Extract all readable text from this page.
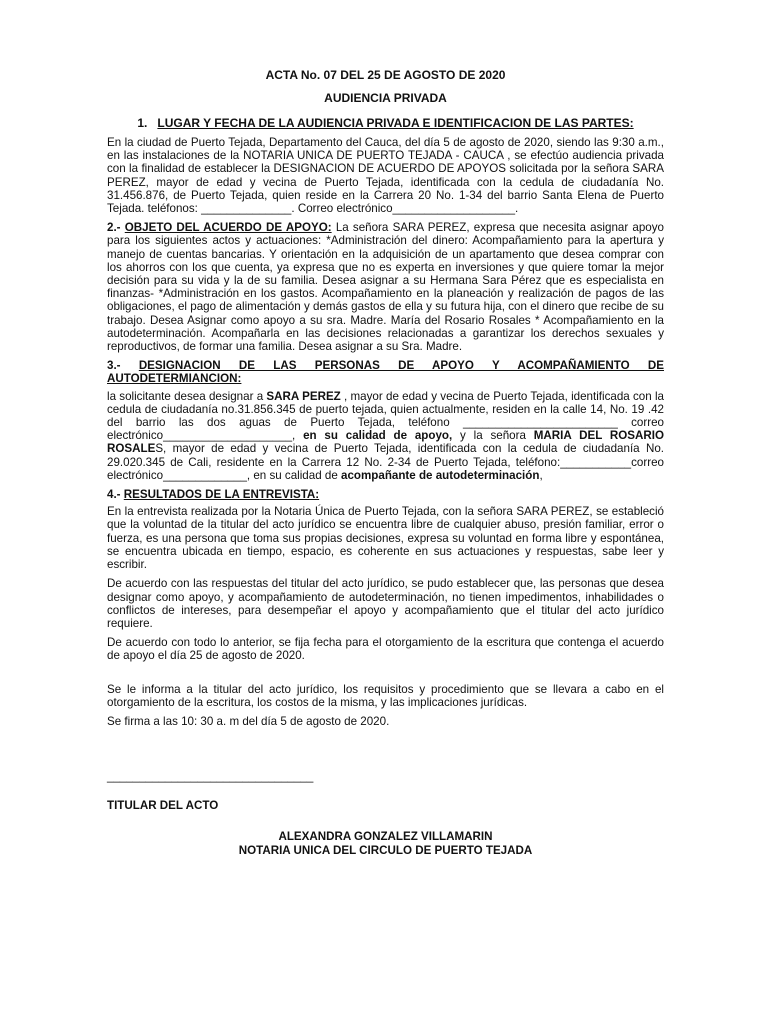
ACTA No. 07 DEL 25 DE AGOSTO DE 2020
AUDIENCIA PRIVADA
1. LUGAR Y FECHA DE LA AUDIENCIA PRIVADA E IDENTIFICACION DE LAS PARTES:
En la ciudad de Puerto Tejada, Departamento del Cauca, del día 5 de agosto de 2020, siendo las 9:30 a.m., en las instalaciones de la NOTARIA UNICA DE PUERTO TEJADA - CAUCA , se efectúo audiencia privada con la finalidad de establecer la DESIGNACION DE ACUERDO DE APOYOS solicitada por la señora SARA PEREZ, mayor de edad y vecina de Puerto Tejada, identificada con la cedula de ciudadanía No. 31.456.876, de Puerto Tejada, quien reside en la Carrera 20 No. 1-34 del barrio Santa Elena de Puerto Tejada. teléfonos: ______________. Correo electrónico___________________.
2.- OBJETO DEL ACUERDO DE APOYO: La señora SARA PEREZ, expresa que necesita asignar apoyo para los siguientes actos y actuaciones: *Administración del dinero: Acompañamiento para la apertura y manejo de cuentas bancarias. Y orientación en la adquisición de un apartamento que desea comprar con los ahorros con los que cuenta, ya expresa que no es experta en inversiones y que quiere tomar la mejor decisión para su vida y la de su familia. Desea asignar a su Hermana Sara Pérez que es especialista en finanzas- *Administración en los gastos. Acompañamiento en la planeación y realización de pagos de las obligaciones, el pago de alimentación y demás gastos de ella y su futura hija, con el dinero que recibe de su trabajo. Desea Asignar como apoyo a su sra. Madre. María del Rosario Rosales * Acompañamiento en la autodeterminación. Acompañarla en las decisiones relacionadas a garantizar los derechos sexuales y reproductivos, de formar una familia. Desea asignar a su Sra. Madre.
3.- DESIGNACION DE LAS PERSONAS DE APOYO Y ACOMPAÑAMIENTO DE AUTODETERMIANCION:
la solicitante desea designar a SARA PEREZ , mayor de edad y vecina de Puerto Tejada, identificada con la cedula de ciudadanía no.31.856.345 de puerto tejada, quien actualmente, residen en la calle 14, No. 19 .42 del barrio las dos aguas de Puerto Tejada, teléfono ________________________ correo electrónico____________________, en su calidad de apoyo, y la señora MARIA DEL ROSARIO ROSALES, mayor de edad y vecina de Puerto Tejada, identificada con la cedula de ciudadanía No. 29.020.345 de Cali, residente en la Carrera 12 No. 2-34 de Puerto Tejada, teléfono:___________correo electrónico_____________, en su calidad de acompañante de autodeterminación,
4.- RESULTADOS DE LA ENTREVISTA:
En la entrevista realizada por la Notaria Única de Puerto Tejada, con la señora SARA PEREZ, se estableció que la voluntad de la titular del acto jurídico se encuentra libre de cualquier abuso, presión familiar, error o fuerza, es una persona que toma sus propias decisiones, expresa su voluntad en forma libre y espontánea, se encuentra ubicada en tiempo, espacio, es coherente en sus actuaciones y respuestas, sabe leer y escribir.
De acuerdo con las respuestas del titular del acto jurídico, se pudo establecer que, las personas que desea designar como apoyo, y acompañamiento de autodeterminación, no tienen impedimentos, inhabilidades o conflictos de intereses, para desempeñar el apoyo y acompañamiento que el titular del acto jurídico requiere.
De acuerdo con todo lo anterior, se fija fecha para el otorgamiento de la escritura que contenga el acuerdo de apoyo el día 25 de agosto de 2020.
Se le informa a la titular del acto jurídico, los requisitos y procedimiento que se llevara a cabo en el otorgamiento de la escritura, los costos de la misma, y las implicaciones jurídicas.
Se firma a las 10: 30 a. m del día 5 de agosto de 2020.
________________________________
TITULAR DEL ACTO
ALEXANDRA GONZALEZ VILLAMARIN
NOTARIA UNICA DEL CIRCULO DE PUERTO TEJADA
